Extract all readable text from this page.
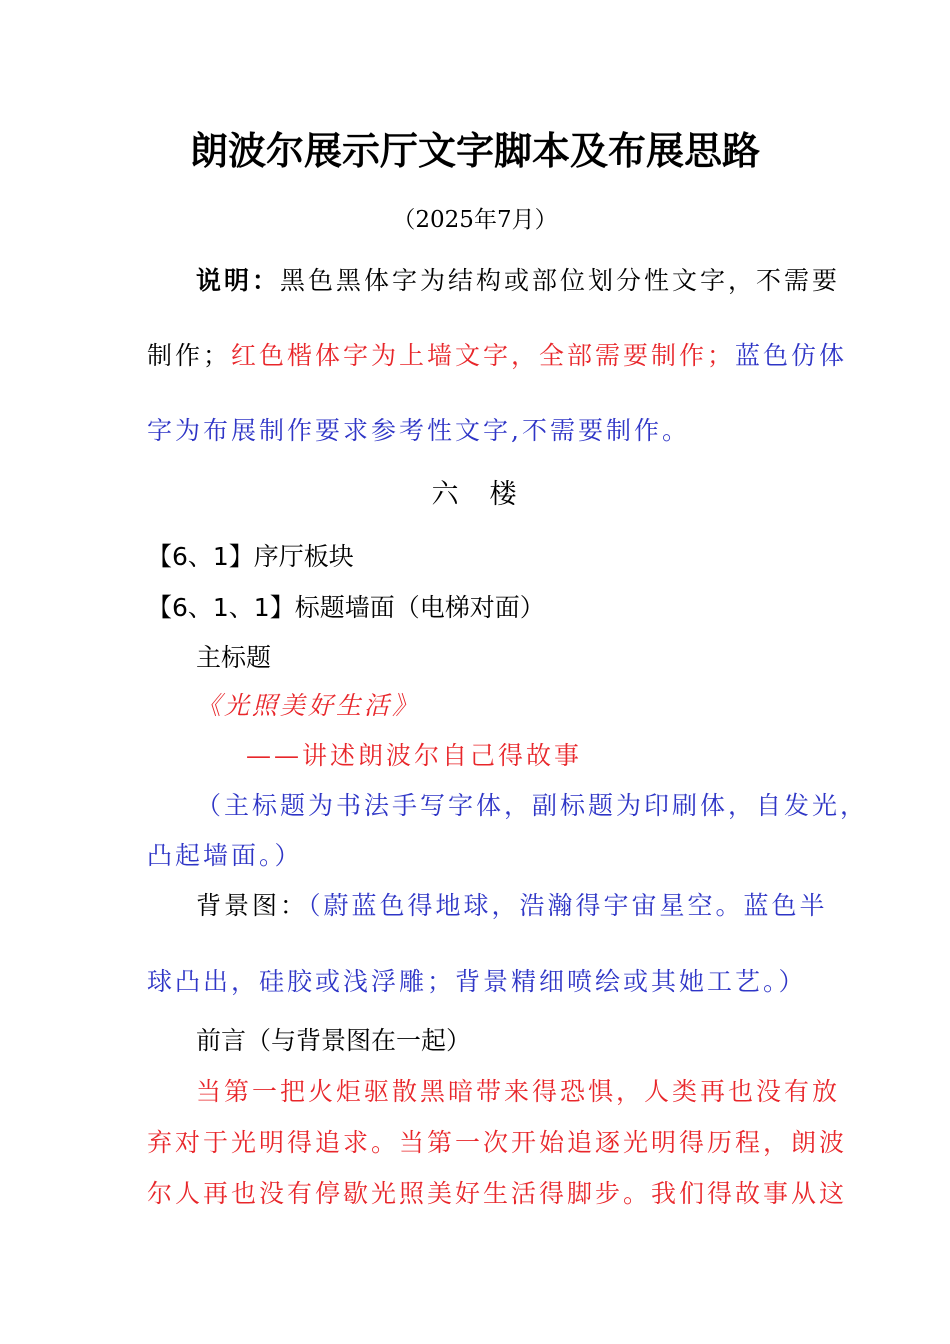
朗波尔展示厅文字脚本及布展思路
（2025年7月）
说明：黑色黑体字为结构或部位划分性文字，不需要
制作；红色楷体字为上墙文字，全部需要制作；蓝色仿体
字为布展制作要求参考性文字,不需要制作。
六　楼
【6、1】序厅板块
【6、1、1】标题墙面（电梯对面）
主标题
《光照美好生活》
——讲述朗波尔自己得故事
（主标题为书法手写字体，副标题为印刷体，自发光，
凸起墙面。）
背景图：（蔚蓝色得地球，浩瀚得宇宙星空。蓝色半
球凸出，硅胶或浅浮雕；背景精细喷绘或其她工艺。）
前言（与背景图在一起）
当第一把火炬驱散黑暗带来得恐惧，人类再也没有放
弃对于光明得追求。当第一次开始追逐光明得历程，朗波
尔人再也没有停歇光照美好生活得脚步。我们得故事从这
